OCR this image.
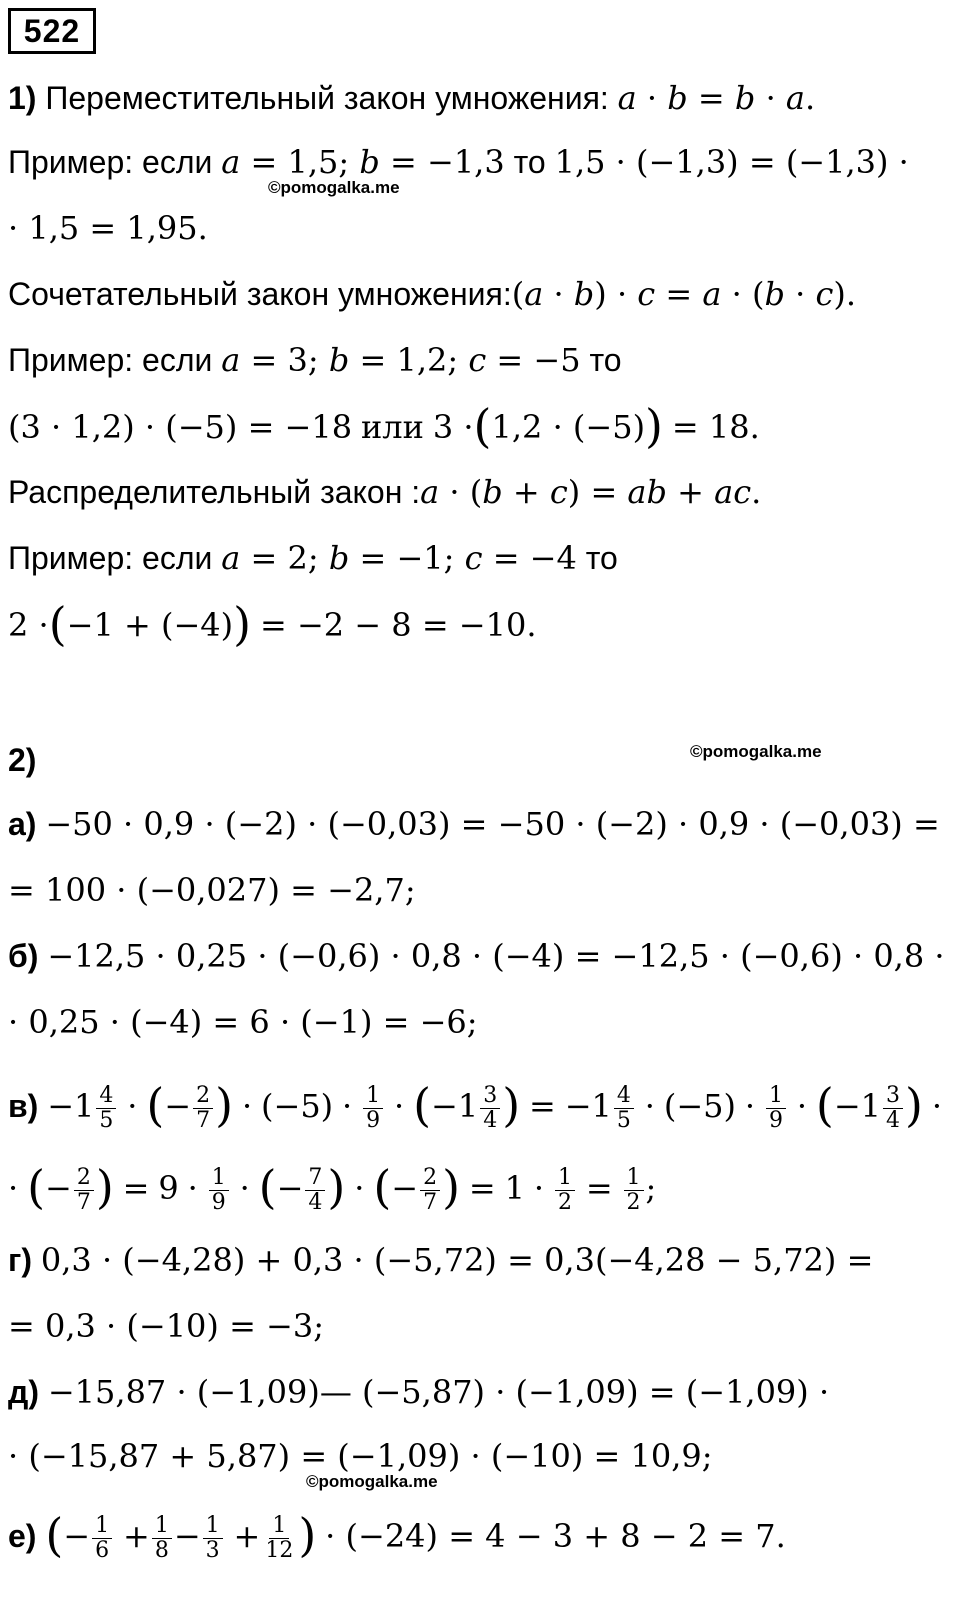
522
1) Переместительный закон умножения: 𝑎 · 𝑏 = 𝑏 · 𝑎.
Пример: если 𝑎 = 1,5; 𝑏 = −1,3 то 1,5 · (−1,3) = (−1,3) ·
©pomogalka.me
· 1,5 = 1,95.
Сочетательный закон умножения:(𝑎 · 𝑏) · 𝑐 = 𝑎 · (𝑏 · 𝑐).
Пример: если 𝑎 = 3; 𝑏 = 1,2; 𝑐 = −5 то
(3 · 1,2) · (−5) = −18 или 3 ·(1,2 · (−5)) = 18.
Распределительный закон :𝑎 · (𝑏 + 𝑐) = 𝑎𝑏 + 𝑎𝑐.
Пример: если 𝑎 = 2; 𝑏 = −1; 𝑐 = −4 то
2 ·(−1 + (−4)) = −2 − 8 = −10.
2)	©pomogalka.me
а) −50 · 0,9 · (−2) · (−0,03) = −50 · (−2) · 0,9 · (−0,03) =
= 100 · (−0,027) = −2,7;
б) −12,5 · 0,25 · (−0,6) · 0,8 · (−4) = −12,5 · (−0,6) · 0,8 ·
· 0,25 · (−4) = 6 · (−1) = −6;
$в) -1 \frac{4}{5}$ · (− $\frac{2}{7}$ ) · $(-5) \cdot \frac{1}{9} \cdot (-1 \frac{3}{4}$ ) = $-1 \frac{4}{5} \cdot (-5) \cdot \frac{1}{9} \cdot (-1 \frac{3}{4}$ ) ·
· (− $\frac{2}{7}$ ) = $9 \cdot \frac{1}{9}$ · (− $\frac{7}{4}$ ) · (− $\frac{2}{7}$ ) = $1 \cdot \frac{1}{2} = \frac{1}{2}$ ;
г) 0,3 · (−4,28) + 0,3 · (−5,72) = 0,3(−4,28 − 5,72) =
= 0,3 · (−10) = −3;
д) −15,87 · (−1,09)— (−5,87) · (−1,09) = (−1,09) ·
· (−15,87 + 5,87) = (−1,09) · (−10) = 10,9;
©pomogalka.me
е) (− $\frac{1}{6} + \frac{1}{8} - \frac{1}{3} + \frac{1}{12}$ ) · (−24) = 4 − 3 + 8 − 2 = 7.
